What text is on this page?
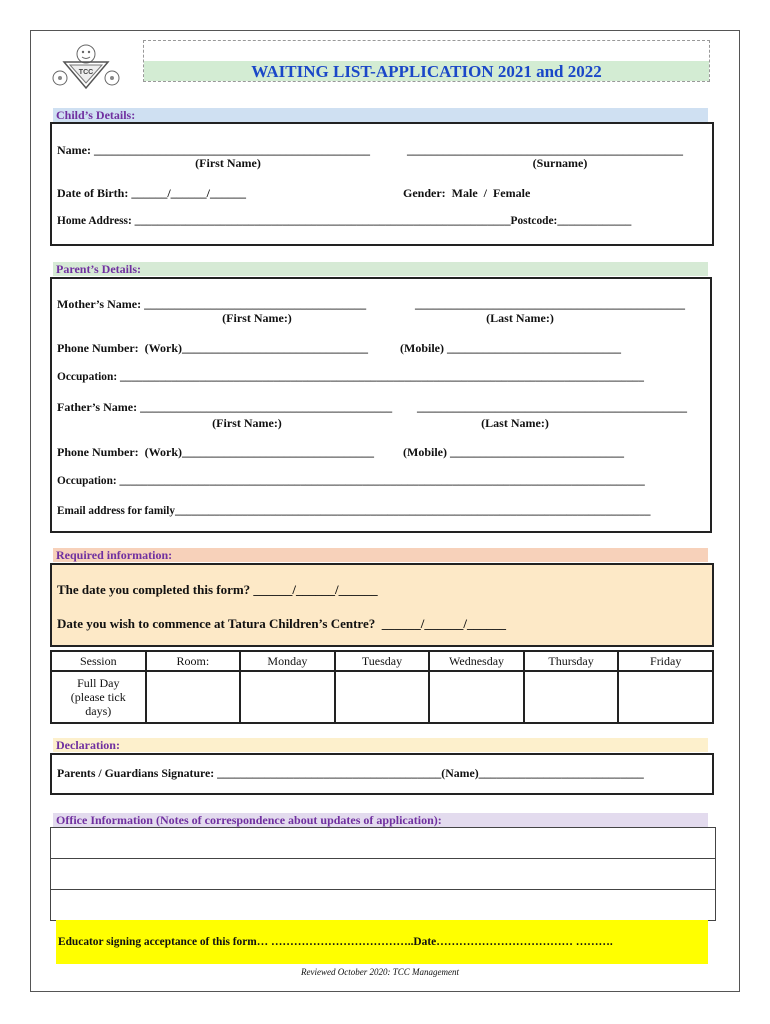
TCC	WAITING LIST-APPLICATION 2021 and 2022
Child’s Details:
Name: ______________________________________________	______________________________________________
(First Name)	(Surname)
Date of Birth: ______/______/______	Gender:  Male  /  Female
Home Address: __________________________________________________________________Postcode:_____________
Parent’s Details:
Mother’s Name: _____________________________________	_____________________________________________
(First Name:)	(Last Name:)
Phone Number:  (Work)_______________________________	(Mobile) _____________________________
Occupation: ____________________________________________________________________________________________
Father’s Name: __________________________________________ _____________________________________________
(First Name:)	(Last Name:)
Phone Number:  (Work)________________________________ (Mobile) _____________________________
Occupation: _____________________________________________________________________________________________
Email address for family_____________________________________________________________________________________
Required information:
The date you completed this form? ______/______/______
Date you wish to commence at Tatura Children’s Centre?  ______/______/______
Session	Room:	Monday	Tuesday	Wednesday	Thursday	Friday

Full Day
(please tick
days)						

Declaration:
Parents / Guardians Signature: ______________________________________(Name)____________________________
Office Information (Notes of correspondence about updates of application):
Educator signing acceptance of this form… ………………………………..Date……………………………… ……….
Reviewed October 2020: TCC Management
